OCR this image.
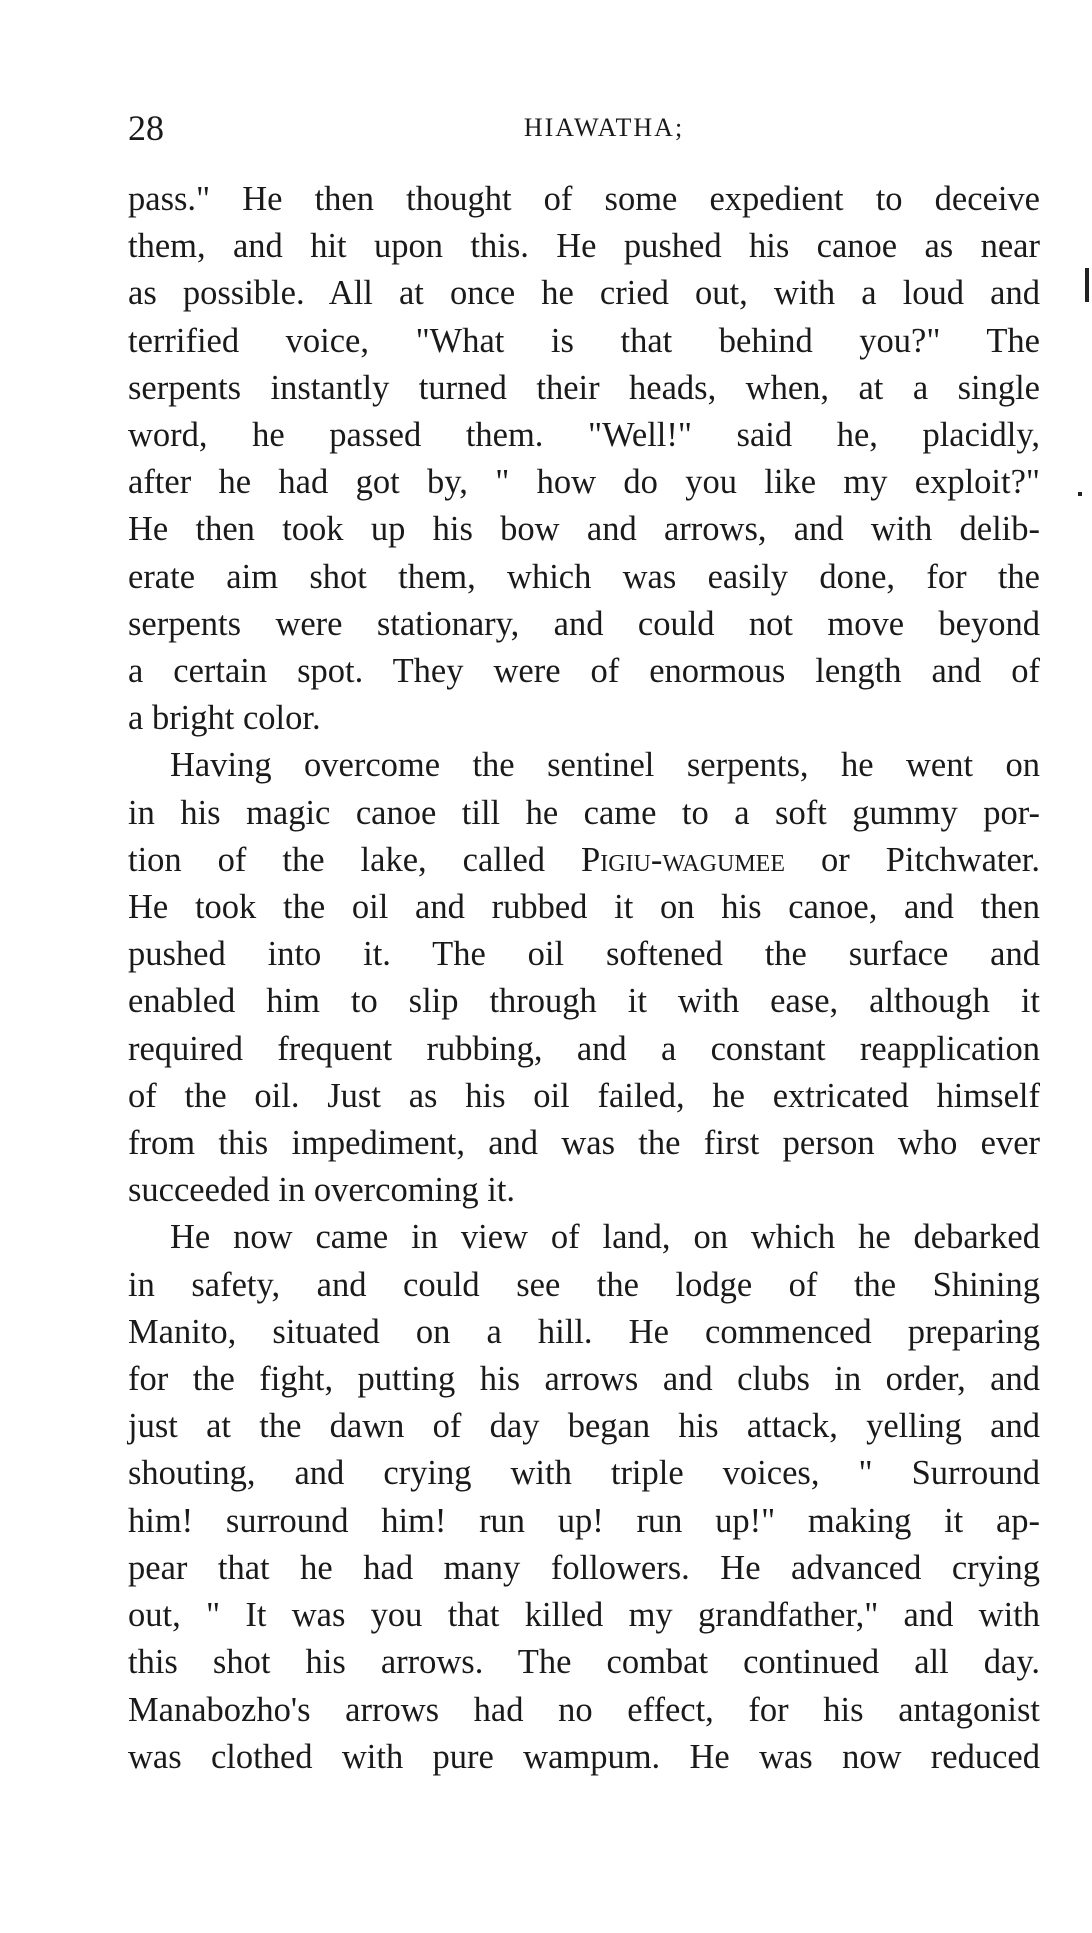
28	HIAWATHA;
pass." He then thought of some expedient to deceive
them, and hit upon this. He pushed his canoe as near
as possible. All at once he cried out, with a loud and
terrified voice, "What is that behind you?" The
serpents instantly turned their heads, when, at a single
word, he passed them. "Well!" said he, placidly,
after he had got by, " how do you like my exploit?"
He then took up his bow and arrows, and with delib-
erate aim shot them, which was easily done, for the
serpents were stationary, and could not move beyond
a certain spot. They were of enormous length and of
a bright color.
Having overcome the sentinel serpents, he went on
in his magic canoe till he came to a soft gummy por-
tion of the lake, called Pigiu-wagumee or Pitchwater.
He took the oil and rubbed it on his canoe, and then
pushed into it. The oil softened the surface and
enabled him to slip through it with ease, although it
required frequent rubbing, and a constant reapplication
of the oil. Just as his oil failed, he extricated himself
from this impediment, and was the first person who ever
succeeded in overcoming it.
He now came in view of land, on which he debarked
in safety, and could see the lodge of the Shining
Manito, situated on a hill. He commenced preparing
for the fight, putting his arrows and clubs in order, and
just at the dawn of day began his attack, yelling and
shouting, and crying with triple voices, " Surround
him! surround him! run up! run up!" making it ap-
pear that he had many followers. He advanced crying
out, " It was you that killed my grandfather," and with
this shot his arrows. The combat continued all day.
Manabozho's arrows had no effect, for his antagonist
was clothed with pure wampum. He was now reduced
